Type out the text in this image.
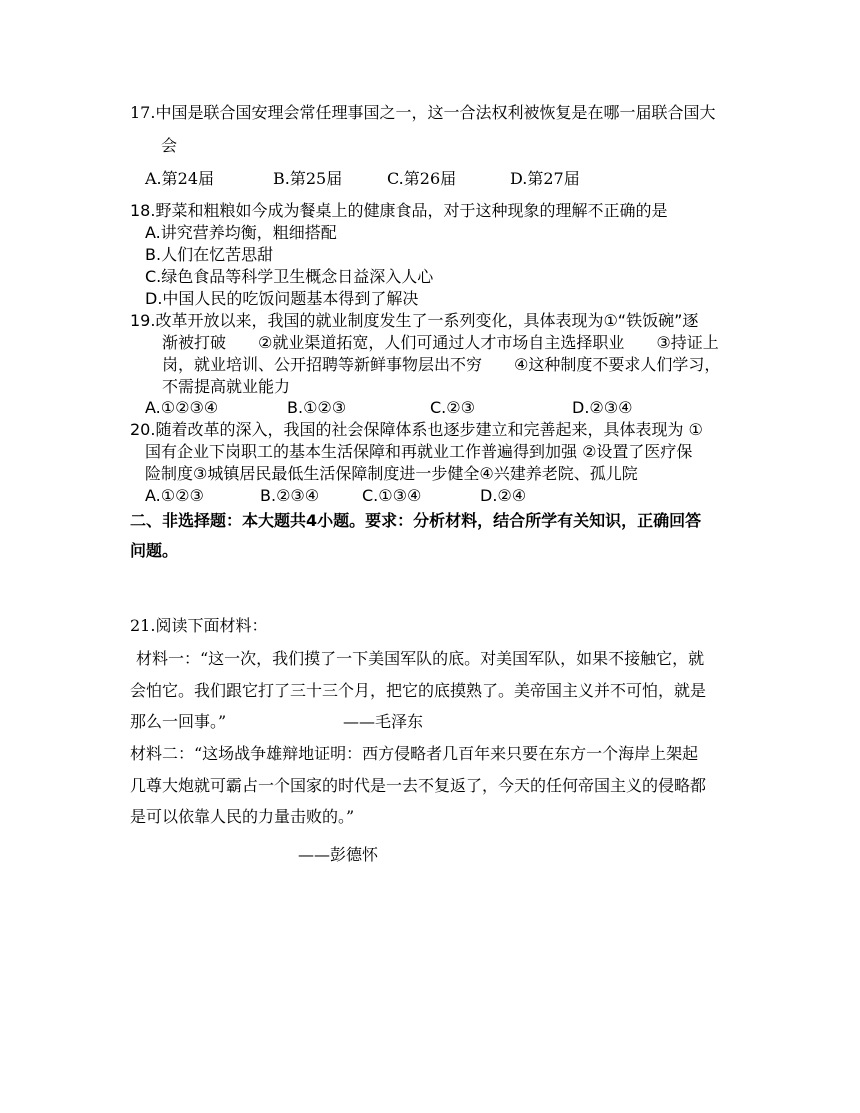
17.中国是联合国安理会常任理事国之一，这一合法权利被恢复是在哪一届联合国大
会
A.第24届	B.第25届	C.第26届	D.第27届
18.野菜和粗粮如今成为餐桌上的健康食品，对于这种现象的理解不正确的是
A.讲究营养均衡，粗细搭配
B.人们在忆苦思甜
C.绿色食品等科学卫生概念日益深入人心
D.中国人民的吃饭问题基本得到了解决
19.改革开放以来，我国的就业制度发生了一系列变化，具体表现为①“铁饭碗”逐
渐被打破　　②就业渠道拓宽，人们可通过人才市场自主选择职业　　③持证上
岗，就业培训、公开招聘等新鲜事物层出不穷　　④这种制度不要求人们学习，
不需提高就业能力
A.①②③④	B.①②③	C.②③	D.②③④
20.随着改革的深入，我国的社会保障体系也逐步建立和完善起来，具体表现为 ①
国有企业下岗职工的基本生活保障和再就业工作普遍得到加强 ②设置了医疗保
险制度③城镇居民最低生活保障制度进一步健全④兴建养老院、孤儿院
A.①②③	B.②③④	C.①③④	D.②④
二、非选择题：本大题共4小题。要求：分析材料，结合所学有关知识，正确回答
问题。
21.阅读下面材料：
材料一：“这一次，我们摸了一下美国军队的底。对美国军队，如果不接触它，就
会怕它。我们跟它打了三十三个月，把它的底摸熟了。美帝国主义并不可怕，就是
那么一回事。”	——毛泽东
材料二：“这场战争雄辩地证明：西方侵略者几百年来只要在东方一个海岸上架起
几尊大炮就可霸占一个国家的时代是一去不复返了，今天的任何帝国主义的侵略都
是可以依靠人民的力量击败的。”
——彭德怀
